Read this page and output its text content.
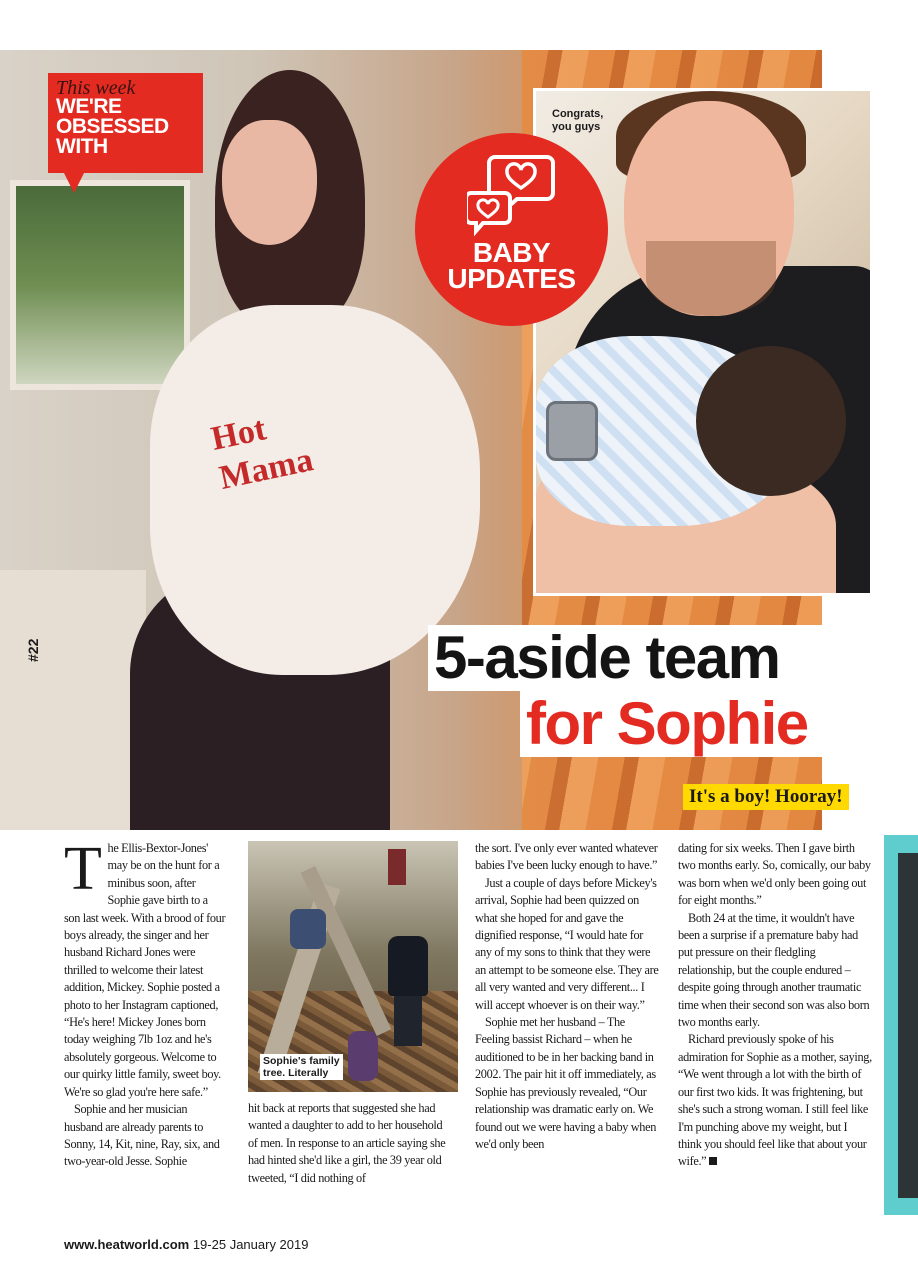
Hot
Mama
This week
WE'RE
OBSESSED
WITH
Congrats,
you guys
BABY
UPDATES
5-aside team
for Sophie
It's a boy! Hooray!
#22
Sophie's family
tree. Literally

The Ellis-Bextor-Jones' may be on the hunt for a minibus soon, after Sophie gave birth to a son last week. With a brood of four boys already, the singer and her husband Richard Jones were thrilled to welcome their latest addition, Mickey. Sophie posted a photo to her Instagram captioned, “He's here! Mickey Jones born today weighing 7lb 1oz and he's absolutely gorgeous. Welcome to our quirky little family, sweet boy. We're so glad you're here safe.”

Sophie and her musician husband are already parents to Sonny, 14, Kit, nine, Ray, six, and two-year-old Jesse. Sophie

hit back at reports that suggested she had wanted a daughter to add to her household of men. In response to an article saying she had hinted she'd like a girl, the 39 year old tweeted, “I did nothing of

the sort. I've only ever wanted whatever babies I've been lucky enough to have.”

Just a couple of days before Mickey's arrival, Sophie had been quizzed on what she hoped for and gave the dignified response, “I would hate for any of my sons to think that they were an attempt to be someone else. They are all very wanted and very different... I will accept whoever is on their way.”

Sophie met her husband – The Feeling bassist Richard – when he auditioned to be in her backing band in 2002. The pair hit it off immediately, as Sophie has previously revealed, “Our relationship was dramatic early on. We found out we were having a baby when we'd only been

dating for six weeks. Then I gave birth two months early. So, comically, our baby was born when we'd only been going out for eight months.”

Both 24 at the time, it wouldn't have been a surprise if a premature baby had put pressure on their fledgling relationship, but the couple endured – despite going through another traumatic time when their second son was also born two months early.

Richard previously spoke of his admiration for Sophie as a mother, saying, “We went through a lot with the birth of our first two kids. It was frightening, but she's such a strong woman. I still feel like I'm punching above my weight, but I think you should feel like that about your wife.”

www.heatworld.com 19-25 January 2019
